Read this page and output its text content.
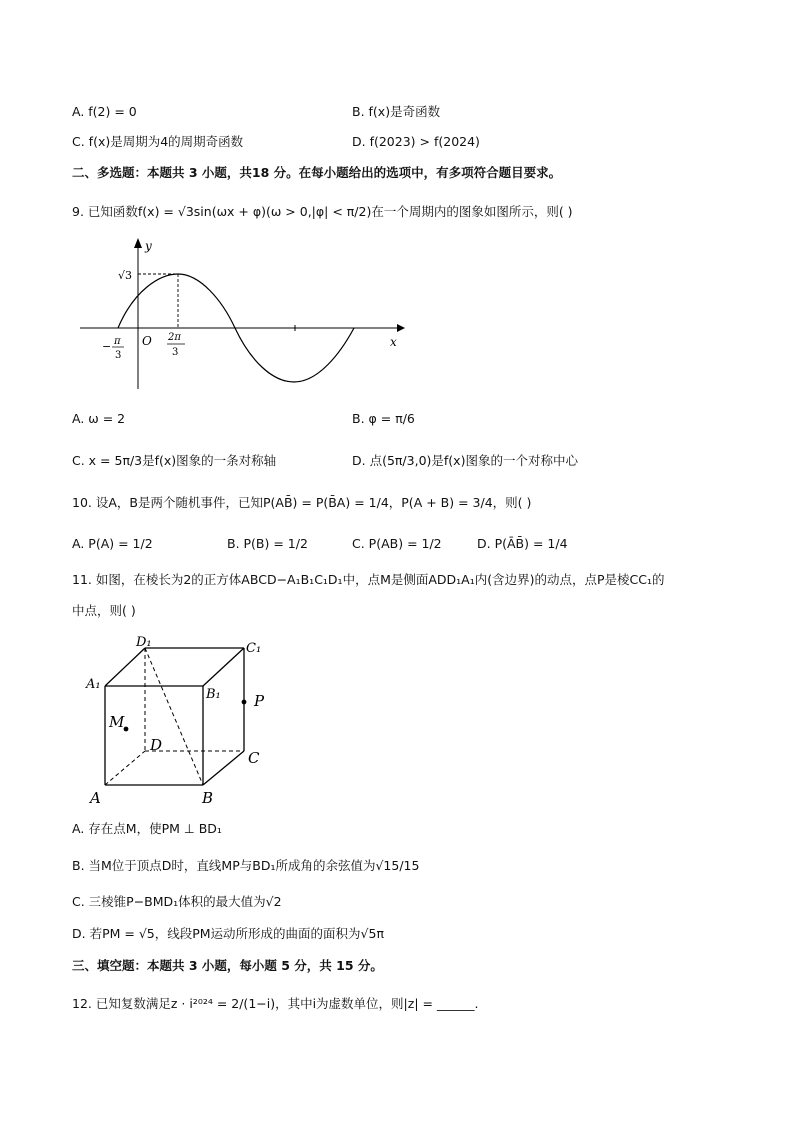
A. f(2) = 0	B. f(x)是奇函数
C. f(x)是周期为4的周期奇函数	D. f(2023) > f(2024)
二、多选题：本题共 3 小题，共18 分。在每小题给出的选项中，有多项符合题目要求。
9. 已知函数f(x) = √3sin(ωx + φ)(ω > 0,|φ| < π/2)在一个周期内的图象如图所示，则( )
y
x
O
√3
− π
3
2π
3
A. ω = 2	B. φ = π/6
C. x = 5π/3是f(x)图象的一条对称轴	D. 点(5π/3,0)是f(x)图象的一个对称中心
10. 设A，B是两个随机事件，已知P(AB̄) = P(B̄A) = 1/4，P(A + B) = 3/4，则( )
A. P(A) = 1/2	B. P(B) = 1/2	C. P(AB) = 1/2	D. P(ĀB̄) = 1/4
11. 如图，在棱长为2的正方体ABCD−A₁B₁C₁D₁中，点M是侧面ADD₁A₁内(含边界)的动点，点P是棱CC₁的
中点，则( )
A	B
C
D
A₁
B₁
C₁
D₁
M
P
A. 存在点M，使PM ⊥ BD₁
B. 当M位于顶点D时，直线MP与BD₁所成角的余弦值为√15/15
C. 三棱锥P−BMD₁体积的最大值为√2
D. 若PM = √5，线段PM运动所形成的曲面的面积为√5π
三、填空题：本题共 3 小题，每小题 5 分，共 15 分。
12. 已知复数满足z · i²⁰²⁴ = 2/(1−i)，其中i为虚数单位，则|z| = ______.
